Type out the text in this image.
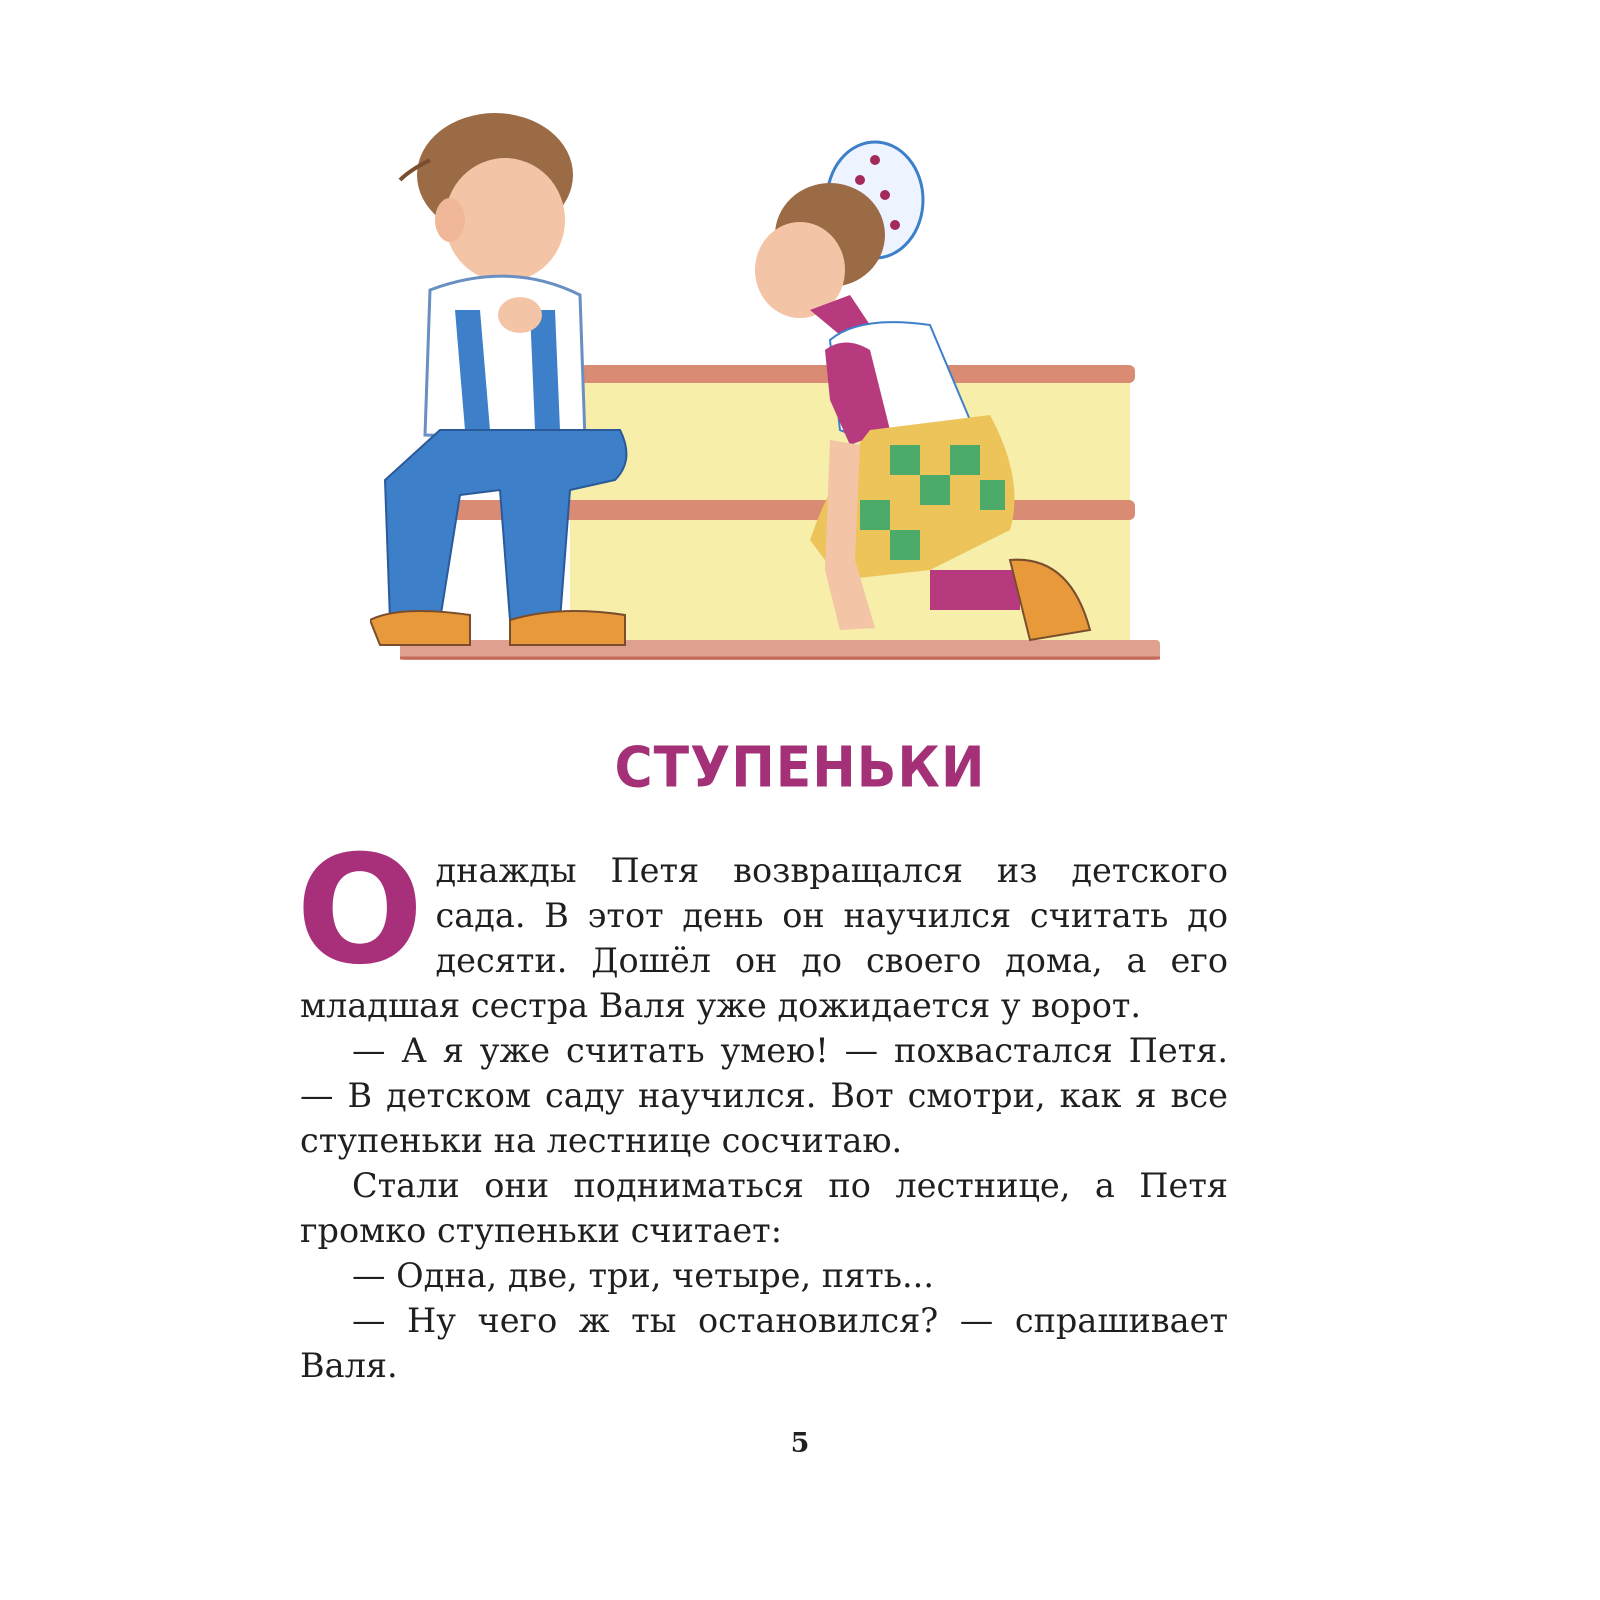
СТУПЕНЬКИ

Однажды Петя возвращался из детского сада. В этот день он научился считать до десяти. Дошёл он до своего дома, а его младшая сестра Валя уже дожидается у ворот.

— А я уже считать умею! — похвастался Петя. — В детском саду научился. Вот смотри, как я все ступеньки на лестнице сосчитаю.

Стали они подниматься по лестнице, а Петя громко ступеньки считает:

— Одна, две, три, четыре, пять...

— Ну чего ж ты остановился? — спрашивает Валя.

5
